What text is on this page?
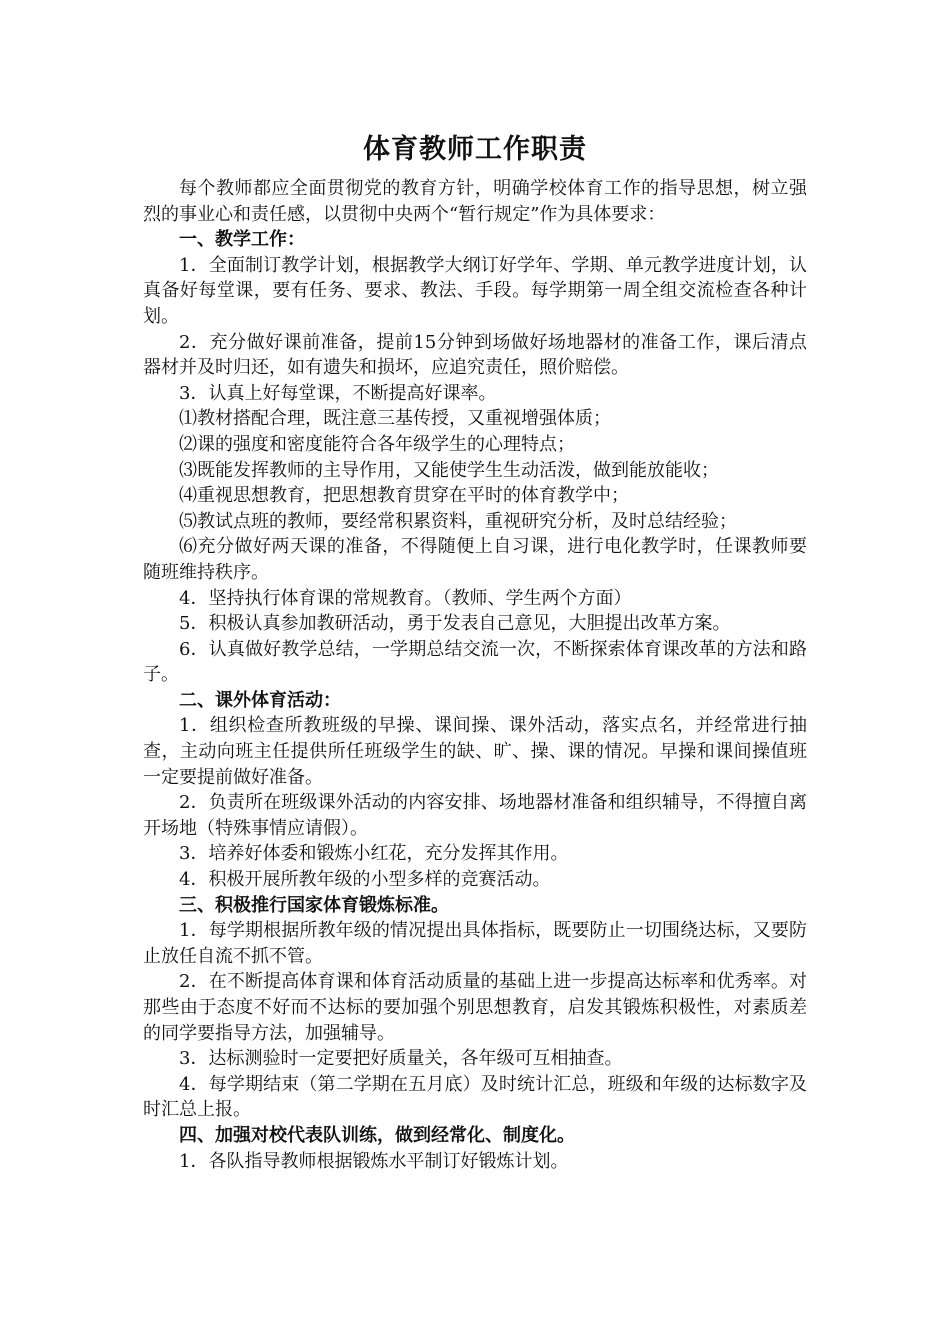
体育教师工作职责

每个教师都应全面贯彻党的教育方针，明确学校体育工作的指导思想，树立强烈的事业心和责任感，以贯彻中央两个“暂行规定”作为具体要求：

一、教学工作：

1．全面制订教学计划，根据教学大纲订好学年、学期、单元教学进度计划，认真备好每堂课，要有任务、要求、教法、手段。每学期第一周全组交流检查各种计划。

2．充分做好课前准备，提前15分钟到场做好场地器材的准备工作，课后清点器材并及时归还，如有遗失和损坏，应追究责任，照价赔偿。

3．认真上好每堂课，不断提高好课率。

⑴教材搭配合理，既注意三基传授，又重视增强体质；

⑵课的强度和密度能符合各年级学生的心理特点；

⑶既能发挥教师的主导作用，又能使学生生动活泼，做到能放能收；

⑷重视思想教育，把思想教育贯穿在平时的体育教学中；

⑸教试点班的教师，要经常积累资料，重视研究分析，及时总结经验；

⑹充分做好两天课的准备，不得随便上自习课，进行电化教学时，任课教师要随班维持秩序。

4．坚持执行体育课的常规教育。（教师、学生两个方面）

5．积极认真参加教研活动，勇于发表自己意见，大胆提出改革方案。

6．认真做好教学总结，一学期总结交流一次，不断探索体育课改革的方法和路子。

二、课外体育活动：

1．组织检查所教班级的早操、课间操、课外活动，落实点名，并经常进行抽查，主动向班主任提供所任班级学生的缺、旷、操、课的情况。早操和课间操值班一定要提前做好准备。

2．负责所在班级课外活动的内容安排、场地器材准备和组织辅导，不得擅自离开场地（特殊事情应请假）。

3．培养好体委和锻炼小红花，充分发挥其作用。

4．积极开展所教年级的小型多样的竞赛活动。

三、积极推行国家体育锻炼标准。

1．每学期根据所教年级的情况提出具体指标，既要防止一切围绕达标，又要防止放任自流不抓不管。

2．在不断提高体育课和体育活动质量的基础上进一步提高达标率和优秀率。对那些由于态度不好而不达标的要加强个别思想教育，启发其锻炼积极性，对素质差的同学要指导方法，加强辅导。

3．达标测验时一定要把好质量关，各年级可互相抽查。

4．每学期结束（第二学期在五月底）及时统计汇总，班级和年级的达标数字及时汇总上报。

四、加强对校代表队训练，做到经常化、制度化。

1．各队指导教师根据锻炼水平制订好锻炼计划。
